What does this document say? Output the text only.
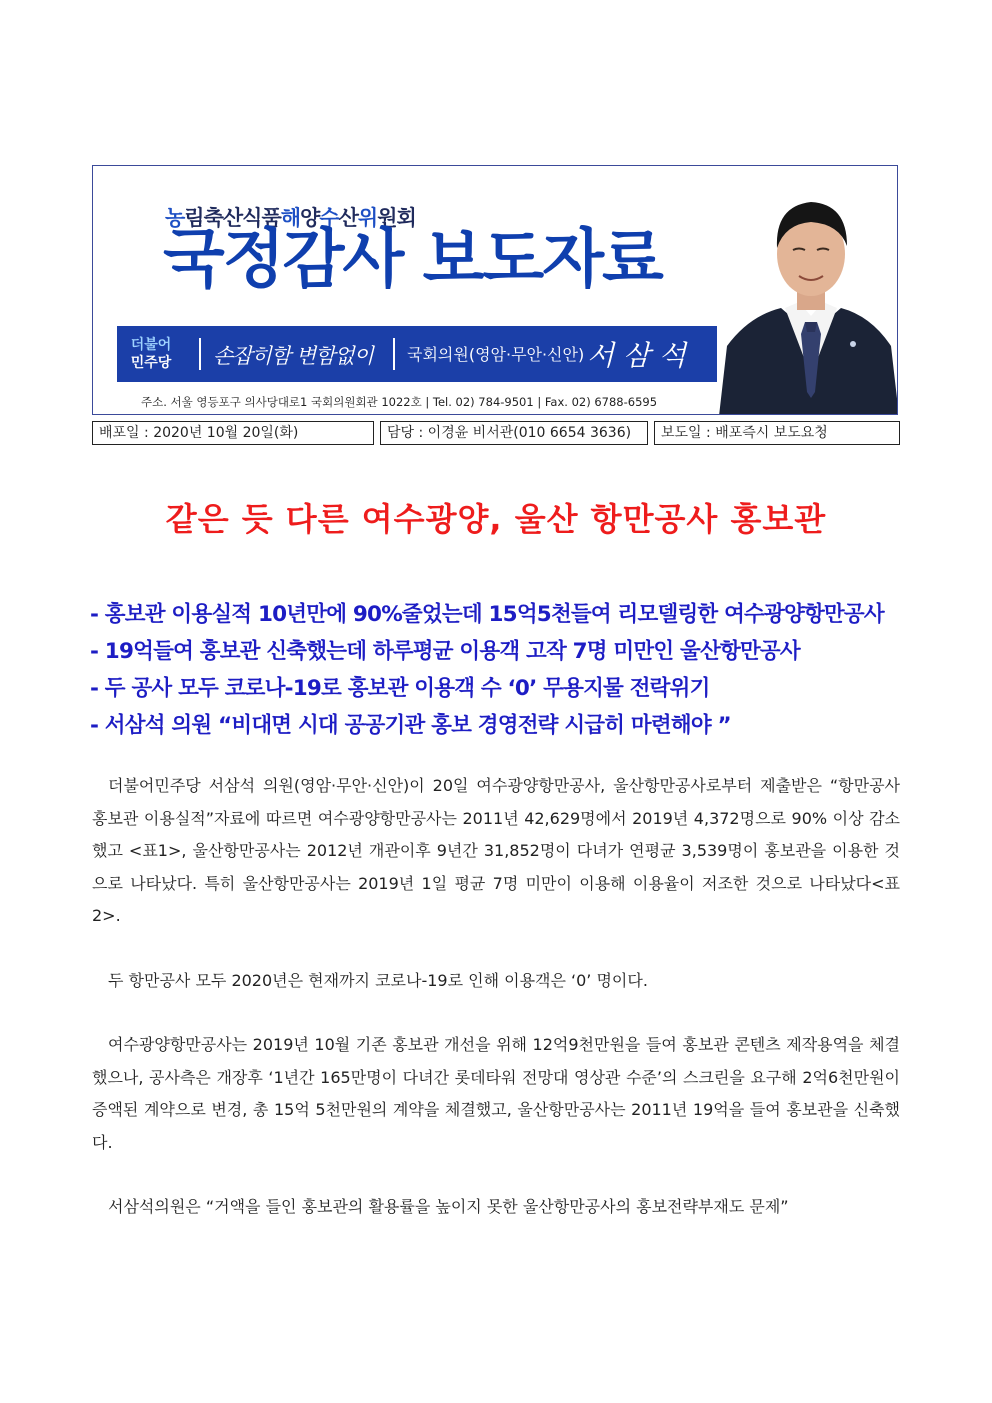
농림축산식품해양수산위원회
국정감사 보도자료
더불어
민주당	손잡히함 변함없이 국회의원(영암·무안·신안) 서 삼 석
주소. 서울 영등포구 의사당대로1 국회의원회관 1022호 | Tel. 02) 784-9501 | Fax. 02) 6788-6595
배포일 : 2020년 10월 20일(화)	담당 : 이경윤 비서관(010 6654 3636)	보도일 : 배포즉시 보도요청
같은 듯 다른 여수광양, 울산 항만공사 홍보관
- 홍보관 이용실적 10년만에 90%줄었는데 15억5천들여 리모델링한 여수광양항만공사
- 19억들여 홍보관 신축했는데 하루평균 이용객 고작 7명 미만인 울산항만공사
- 두 공사 모두 코로나-19로 홍보관 이용객 수 ‘0’ 무용지물 전락위기
- 서삼석 의원 “비대면 시대 공공기관 홍보 경영전략 시급히 마련해야 ”

더불어민주당 서삼석 의원(영암·무안·신안)이 20일 여수광양항만공사, 울산항만공사로부터 제출받은 “항만공사 홍보관 이용실적”자료에 따르면 여수광양항만공사는 2011년 42,629명에서 2019년 4,372명으로 90% 이상 감소했고 <표1>, 울산항만공사는 2012년 개관이후 9년간 31,852명이 다녀가 연평균 3,539명이 홍보관을 이용한 것으로 나타났다. 특히 울산항만공사는 2019년 1일 평균 7명 미만이 이용해 이용율이 저조한 것으로 나타났다<표2>.

두 항만공사 모두 2020년은 현재까지 코로나-19로 인해 이용객은 ‘0’ 명이다.

여수광양항만공사는 2019년 10월 기존 홍보관 개선을 위해 12억9천만원을 들여 홍보관 콘텐츠 제작용역을 체결했으나, 공사측은 개장후 ‘1년간 165만명이 다녀간 롯데타워 전망대 영상관 수준’의 스크린을 요구해 2억6천만원이 증액된 계약으로 변경, 총 15억 5천만원의 계약을 체결했고, 울산항만공사는 2011년 19억을 들여 홍보관을 신축했다.

서삼석의원은 “거액을 들인 홍보관의 활용률을 높이지 못한 울산항만공사의 홍보전략부재도 문제”
